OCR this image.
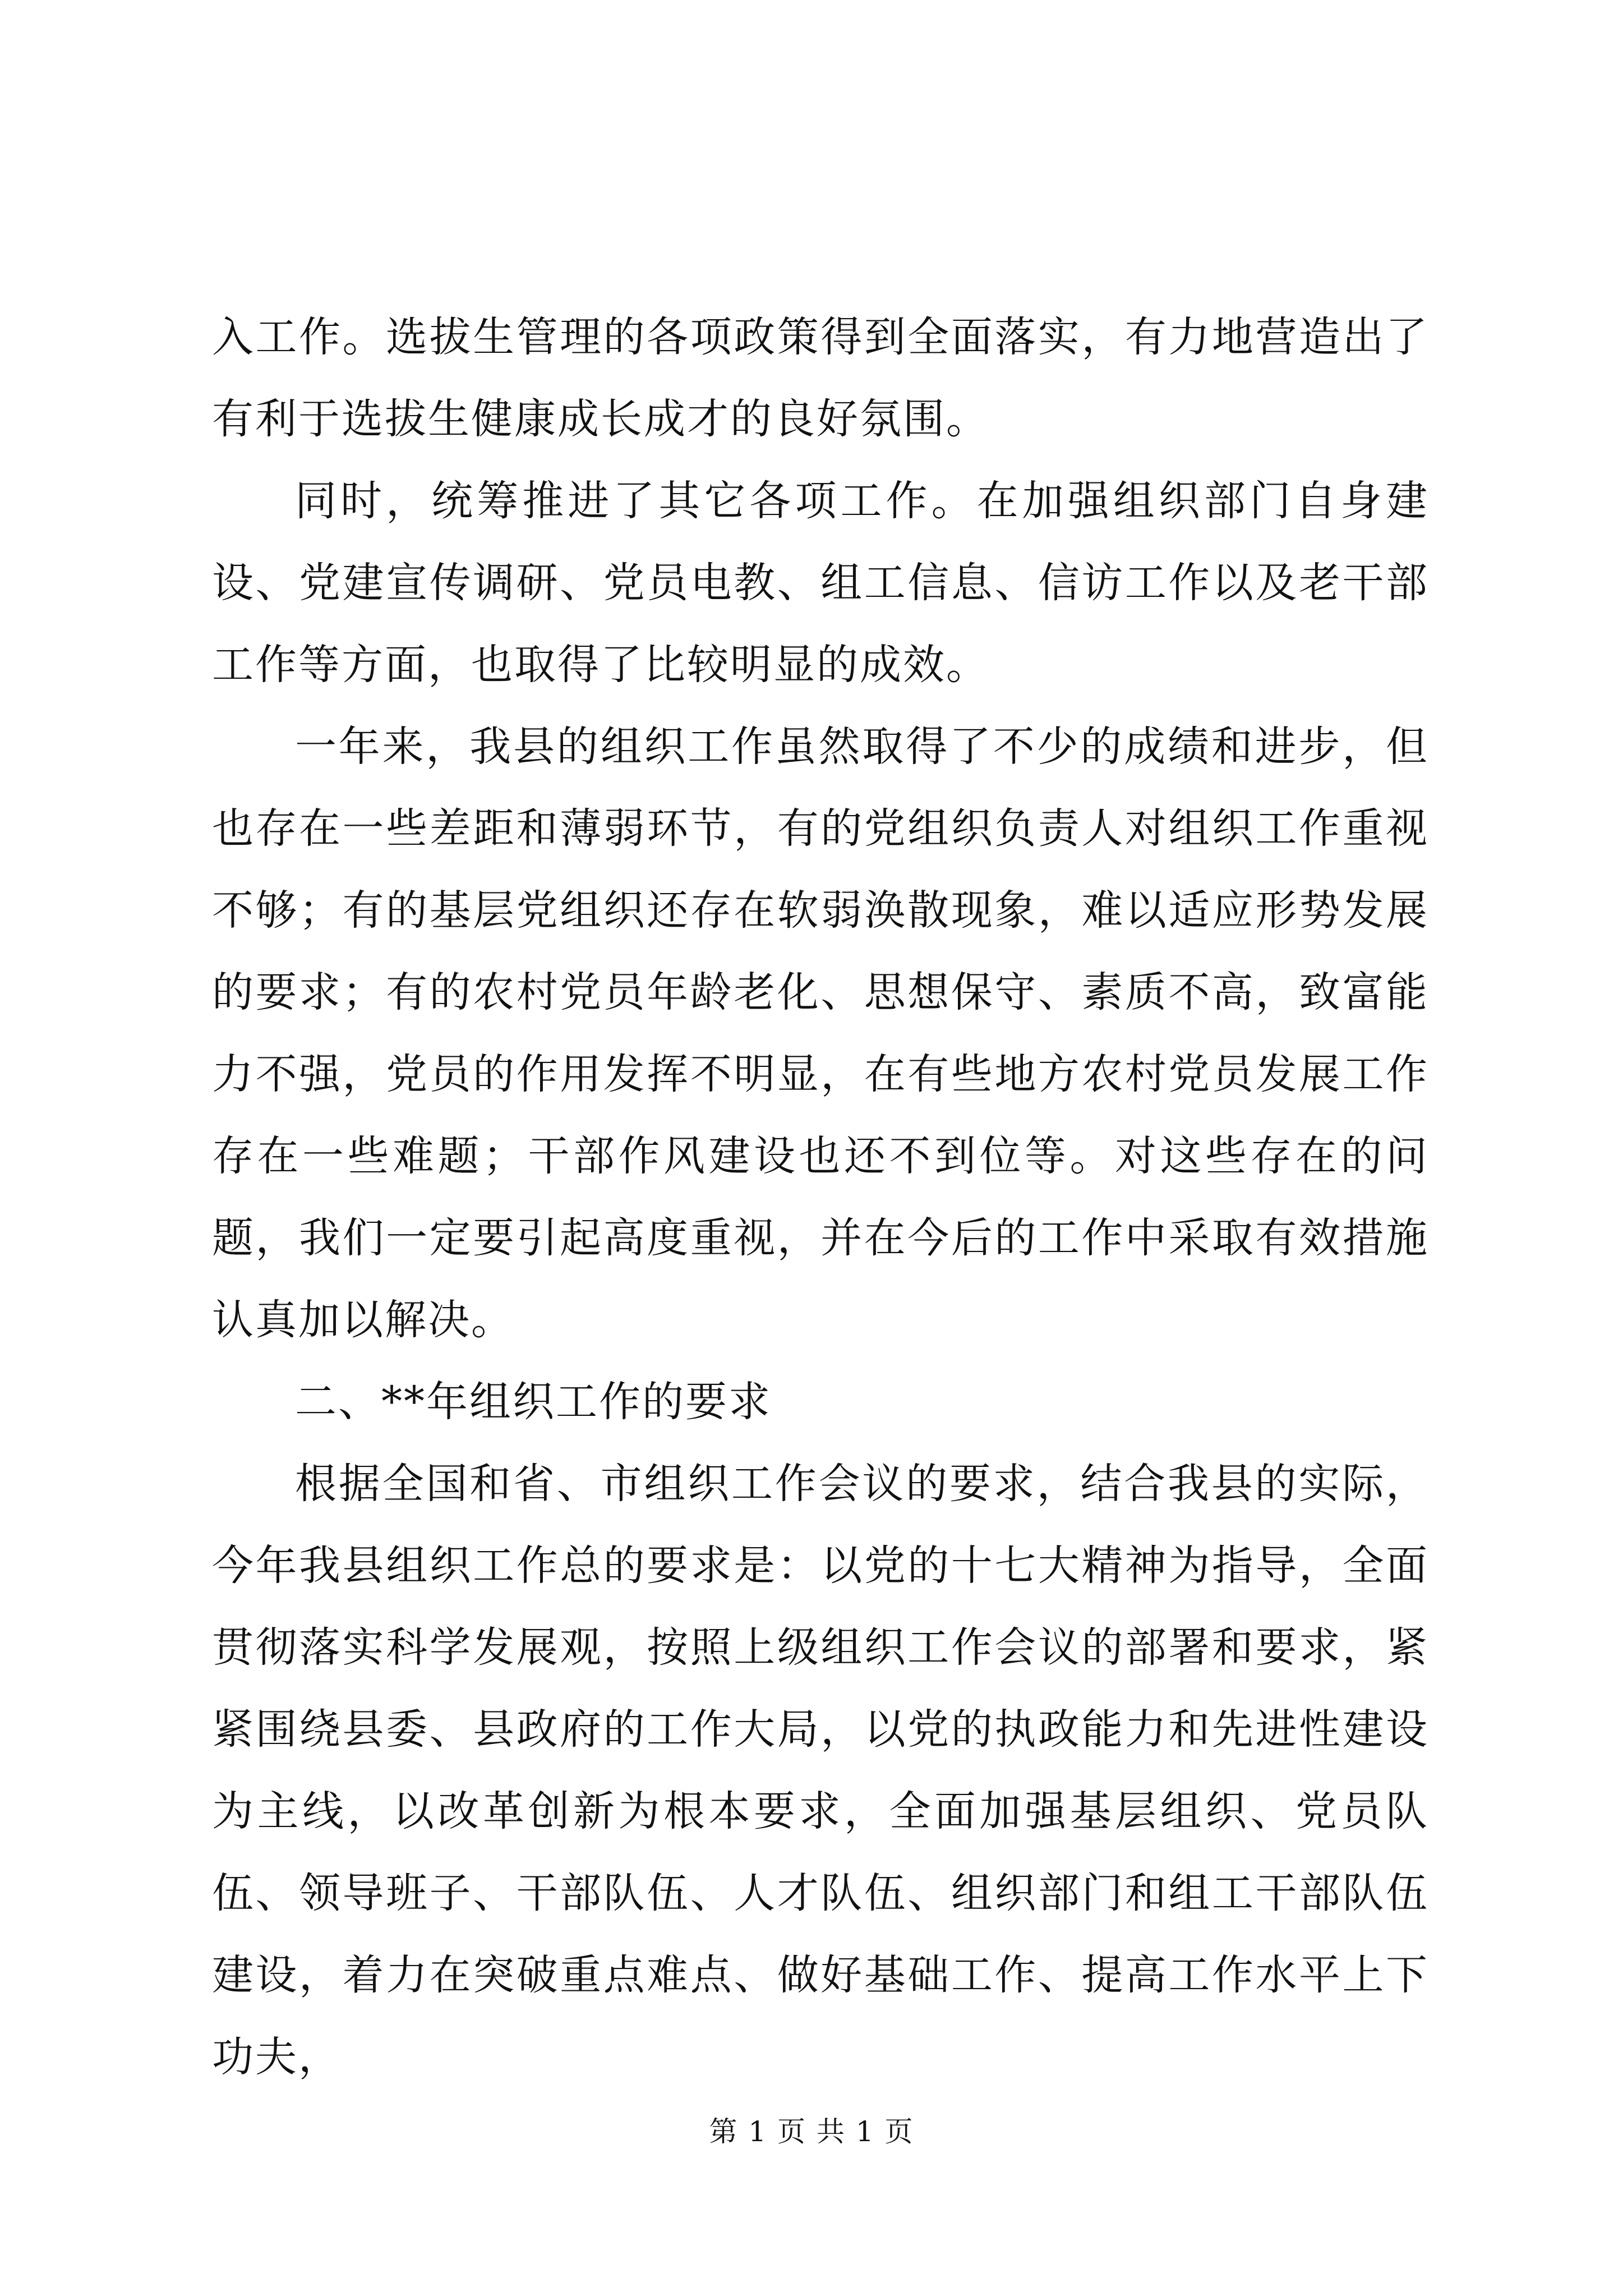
入工作。选拔生管理的各项政策得到全面落实，有力地营造出了有利于选拔生健康成长成才的良好氛围。

同时，统筹推进了其它各项工作。在加强组织部门自身建设、党建宣传调研、党员电教、组工信息、信访工作以及老干部工作等方面，也取得了比较明显的成效。

一年来，我县的组织工作虽然取得了不少的成绩和进步，但也存在一些差距和薄弱环节，有的党组织负责人对组织工作重视不够；有的基层党组织还存在软弱涣散现象，难以适应形势发展的要求；有的农村党员年龄老化、思想保守、素质不高，致富能力不强，党员的作用发挥不明显，在有些地方农村党员发展工作存在一些难题；干部作风建设也还不到位等。对这些存在的问题，我们一定要引起高度重视，并在今后的工作中采取有效措施认真加以解决。

二、**年组织工作的要求

根据全国和省、市组织工作会议的要求，结合我县的实际，今年我县组织工作总的要求是：以党的十七大精神为指导，全面贯彻落实科学发展观，按照上级组织工作会议的部署和要求，紧紧围绕县委、县政府的工作大局，以党的执政能力和先进性建设为主线，以改革创新为根本要求，全面加强基层组织、党员队伍、领导班子、干部队伍、人才队伍、组织部门和组工干部队伍建设，着力在突破重点难点、做好基础工作、提高工作水平上下功夫，

第 1 页 共 1 页
